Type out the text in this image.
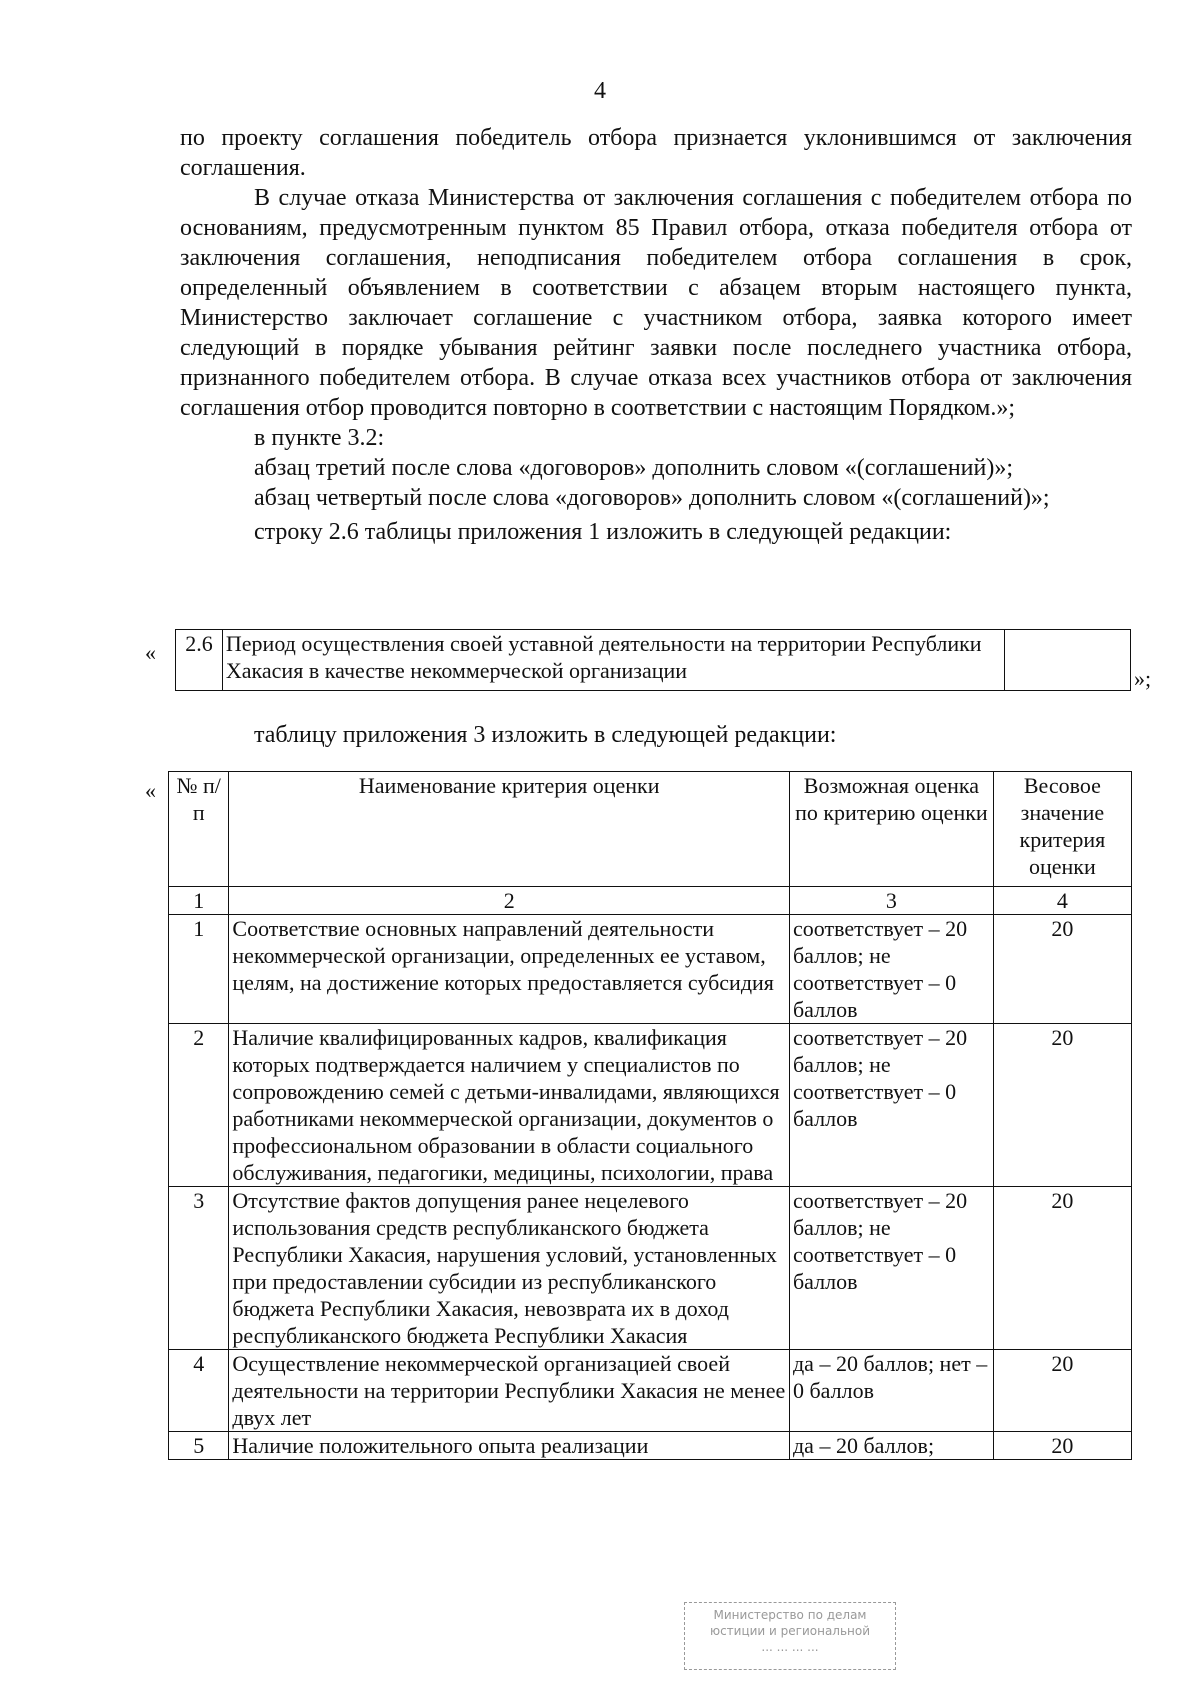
4

по проекту соглашения победитель отбора признается уклонившимся от заключения соглашения.

В случае отказа Министерства от заключения соглашения с победителем отбора по основаниям, предусмотренным пунктом 85 Правил отбора, отказа победителя отбора от заключения соглашения, неподписания победителем отбора соглашения в срок, определенный объявлением в соответствии с абзацем вторым настоящего пункта, Министерство заключает соглашение с участником отбора, заявка которого имеет следующий в порядке убывания рейтинг заявки после последнего участника отбора, признанного победителем отбора. В случае отказа всех участников отбора от заключения соглашения отбор проводится повторно в соответствии с настоящим Порядком.»;

в пункте 3.2:

абзац третий после слова «договоров» дополнить словом «(соглашений)»;

абзац четвертый после слова «договоров» дополнить словом «(соглашений)»;

строку 2.6 таблицы приложения 1 изложить в следующей редакции:

« 2.6	Период осуществления своей уставной деятельности на территории Республики Хакасия в качестве некоммерческой организации		»;

таблицу приложения 3 изложить в следующей редакции:

« № п/п	Наименование критерия оценки	Возможная оценка по критерию оценки	Весовое значение критерия оценки
1	2	3	4
1	Соответствие основных направлений деятельности некоммерческой организации, определенных ее уставом, целям, на достижение которых предоставляется субсидия	соответствует – 20 баллов; не соответствует – 0 баллов	20
2	Наличие квалифицированных кадров, квалификация которых подтверждается наличием у специалистов по сопровождению семей с детьми-инвалидами, являющихся работниками некоммерческой организации, документов о профессиональном образовании в области социального обслуживания, педагогики, медицины, психологии, права	соответствует – 20 баллов; не соответствует – 0 баллов	20
3	Отсутствие фактов допущения ранее нецелевого использования средств республиканского бюджета Республики Хакасия, нарушения условий, установленных при предоставлении субсидии из республиканского бюджета Республики Хакасия, невозврата их в доход республиканского бюджета Республики Хакасия	соответствует – 20 баллов; не соответствует – 0 баллов	20
4	Осуществление некоммерческой организацией своей деятельности на территории Республики Хакасия не менее двух лет	да – 20 баллов; нет – 0 баллов	20
5	Наличие положительного опыта реализации	да – 20 баллов;	20
Министерство по делам
юстиции и региональной
... ... ... ...
